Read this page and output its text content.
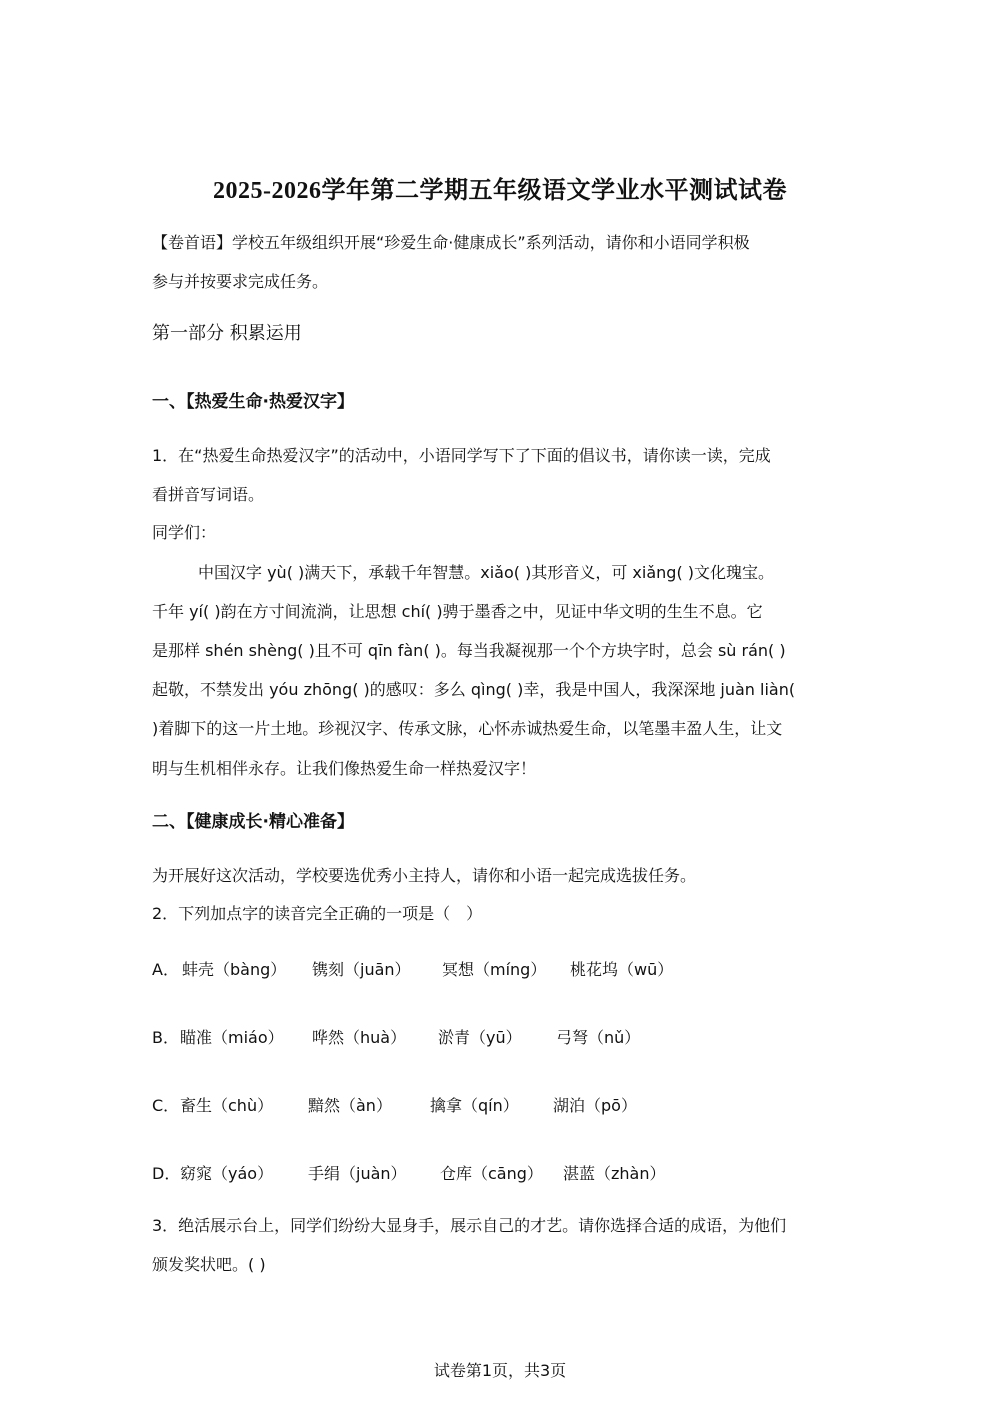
2025-2026学年第二学期五年级语文学业水平测试试卷
【卷首语】学校五年级组织开展“珍爱生命·健康成长”系列活动，请你和小语同学积极
参与并按要求完成任务。
第一部分 积累运用
一、【热爱生命·热爱汉字】
1．在“热爱生命热爱汉字”的活动中，小语同学写下了下面的倡议书，请你读一读，完成
看拼音写词语。
同学们：
中国汉字 yù( )满天下，承载千年智慧。xiǎo( )其形音义，可 xiǎng( )文化瑰宝。
千年 yí( )韵在方寸间流淌，让思想 chí( )骋于墨香之中，见证中华文明的生生不息。它
是那样 shén shèng( )且不可 qīn fàn( )。每当我凝视那一个个方块字时，总会 sù rán( )
起敬，不禁发出 yóu zhōng( )的感叹：多么 qìng( )幸，我是中国人，我深深地 juàn liàn(
)着脚下的这一片土地。珍视汉字、传承文脉，心怀赤诚热爱生命，以笔墨丰盈人生，让文
明与生机相伴永存。让我们像热爱生命一样热爱汉字！
二、【健康成长·精心准备】
为开展好这次活动，学校要选优秀小主持人，请你和小语一起完成选拔任务。
2．下列加点字的读音完全正确的一项是（　）
A． 蚌壳（bàng） 镌刻（juān） 冥想（míng） 桃花坞（wū）
B． 瞄准（miáo） 哗然（huà） 淤青（yū） 弓弩（nǔ）
C． 畜生（chù） 黯然（àn） 擒拿（qín） 湖泊（pō）
D． 窈窕（yáo） 手绢（juàn） 仓库（cāng） 湛蓝（zhàn）
3．绝活展示台上，同学们纷纷大显身手，展示自己的才艺。请你选择合适的成语，为他们
颁发奖状吧。( )
试卷第1页，共3页
